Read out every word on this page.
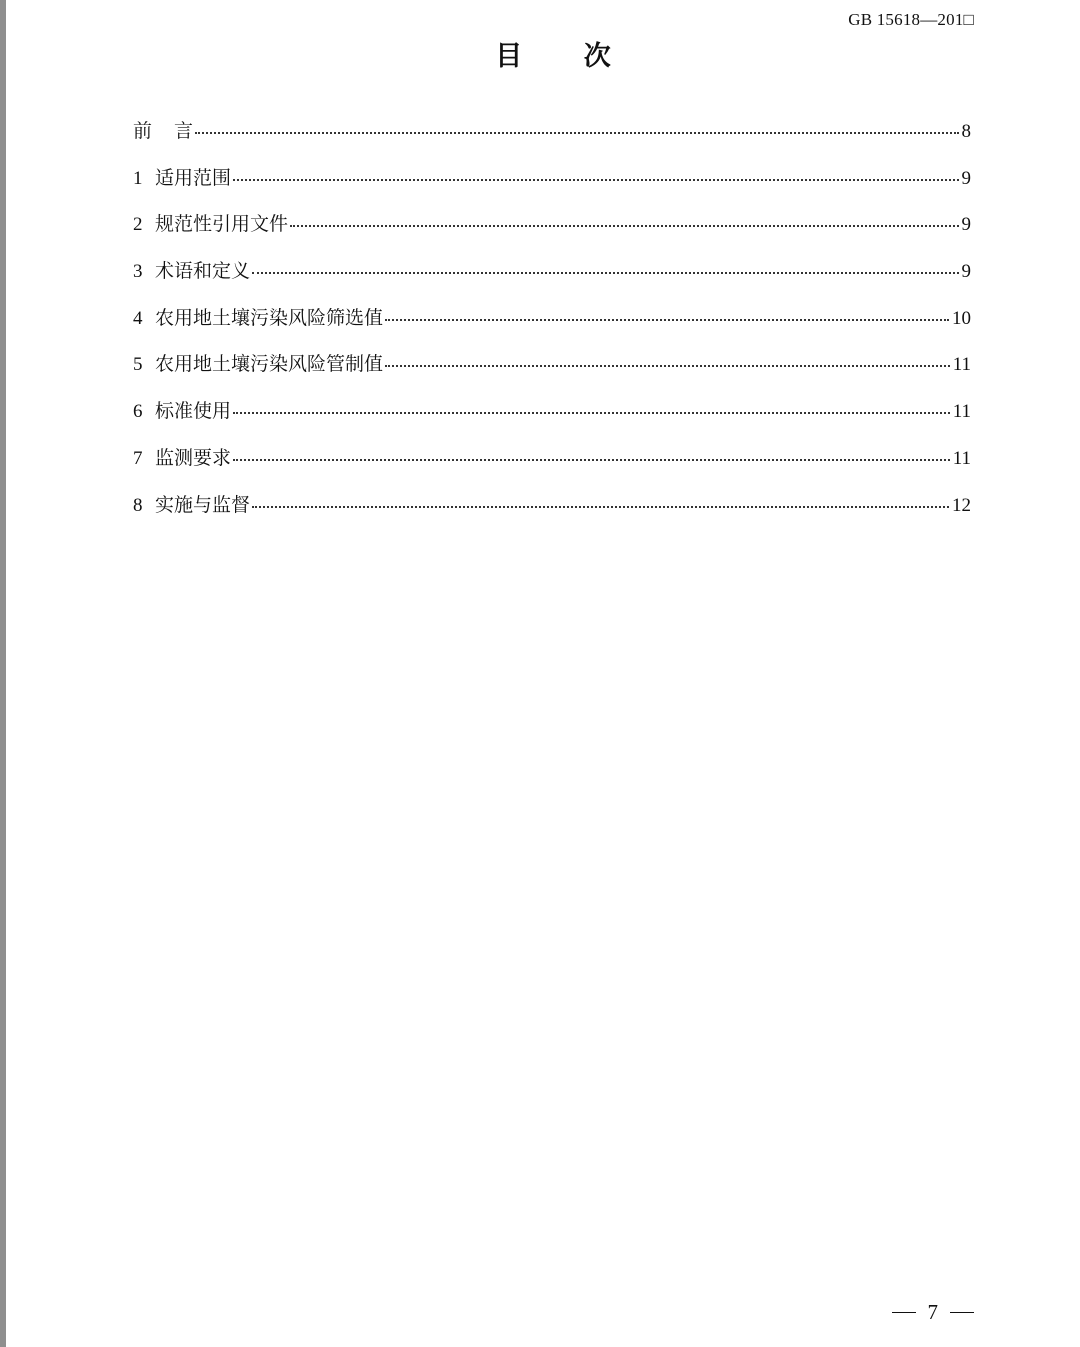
GB 15618—201□
目 次
前言	8
1 适用范围	9
2 规范性引用文件	9
3 术语和定义	9
4 农用地土壤污染风险筛选值	10
5 农用地土壤污染风险管制值	11
6 标准使用	11
7 监测要求	11
8 实施与监督	12
7
